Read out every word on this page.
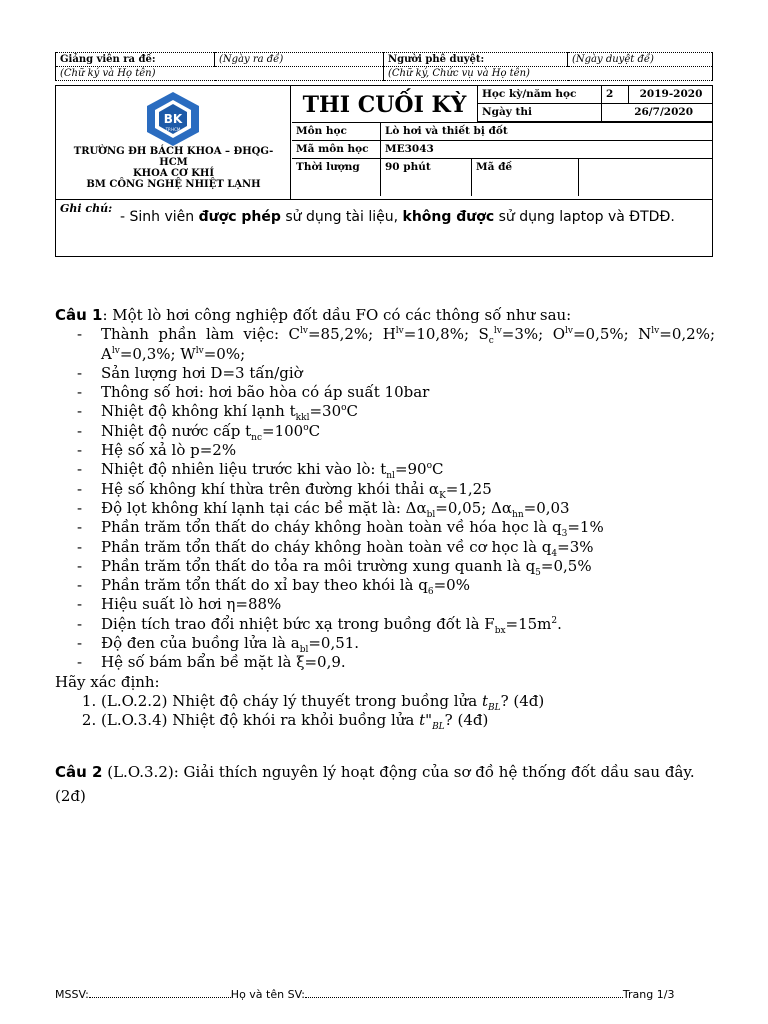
Giảng viên ra đề:	(Ngày ra đề)	Người phê duyệt:	(Ngày duyệt đề)
(Chữ ký và Họ tên)		(Chữ ký, Chức vụ và Họ tên)	
BK
TP.HCM
TRƯỜNG ĐH BÁCH KHOA – ĐHQG-
HCM
KHOA CƠ KHÍ
BM CÔNG NGHỆ NHIỆT LẠNH
THI CUỐI KỲ	Học kỳ/năm học	2	2019-2020
Ngày thi	26/7/2020	
Môn học	Lò hơi và thiết bị đốt		
Mã môn học	ME3043		
Thời lượng	90 phút	Mã đề	
Ghi chú:
- Sinh viên được phép sử dụng tài liệu, không được sử dụng laptop và ĐTDĐ.
Câu 1: Một lò hơi công nghiệp đốt dầu FO có các thông số như sau:
- Thành phần làm việc: $C^{lv}=85,2\%$; $H^{lv}=10,8\%$; $S_c^{lv}=3\%$; $O^{lv}=0,5\%$; $N^{lv}=0,2\%$; $A^{lv}=0,3\%$; $W^{lv}=0\%$;
- Sản lượng hơi D=3 tấn/giờ
- Thông số hơi: hơi bão hòa có áp suất 10bar
- Nhiệt độ không khí lạnh $t_{kkl}=30^oC$
- Nhiệt độ nước cấp $t_{nc}=100^oC$
- Hệ số xả lò p=2%
- Nhiệt độ nhiên liệu trước khi vào lò: $t_{nl}=90^oC$
- Hệ số không khí thừa trên đường khói thải $\alpha_K=1,25$
- Độ lọt không khí lạnh tại các bề mặt là: $\Delta\alpha_{bl}=0,05$; $\Delta\alpha_{hn}=0,03$
- Phần trăm tổn thất do cháy không hoàn toàn về hóa học là $q_3=1\%$
- Phần trăm tổn thất do cháy không hoàn toàn về cơ học là $q_4=3\%$
- Phần trăm tổn thất do tỏa ra môi trường xung quanh là $q_5=0,5\%$
- Phần trăm tổn thất do xỉ bay theo khói là $q_6=0\%$
- Hiệu suất lò hơi η=88%
- Diện tích trao đổi nhiệt bức xạ trong buồng đốt là $F_{bx}=15m^2$.
- Độ đen của buồng lửa là $a_{bl}=0,51$.
- Hệ số bám bẩn bề mặt là ξ=0,9.
Hãy xác định:
1. (L.O.2.2) Nhiệt độ cháy lý thuyết trong buồng lửa $t_{BL}$? (4đ)
2. (L.O.3.4) Nhiệt độ khói ra khỏi buồng lửa $t"_{BL}$? (4đ)
Câu 2 (L.O.3.2): Giải thích nguyên lý hoạt động của sơ đồ hệ thống đốt dầu sau đây. (2đ)
MSSV:	Họ và tên SV:	Trang 1/3
